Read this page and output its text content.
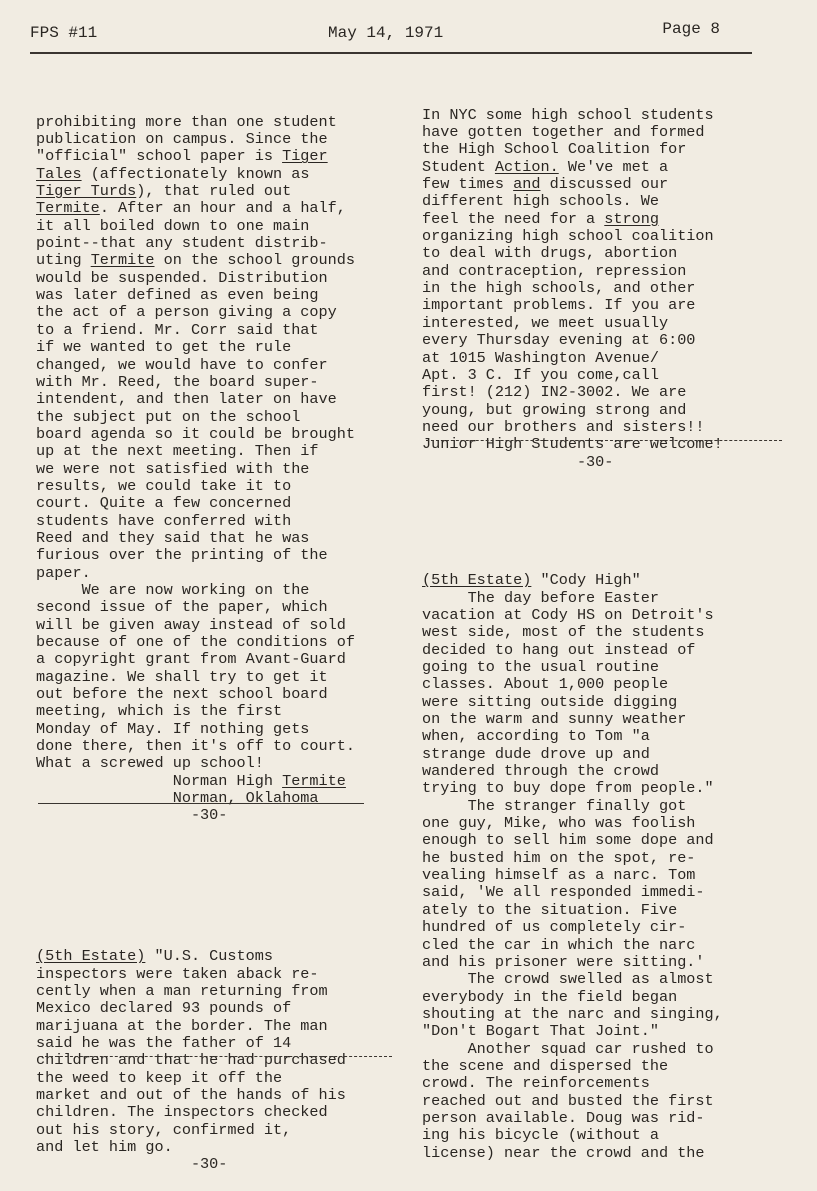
FPS #11	May 14, 1971	Page 8

prohibiting more than one student
publication on campus. Since the
"official" school paper is Tiger
Tales (affectionately known as
Tiger Turds), that ruled out
Termite. After an hour and a half,
it all boiled down to one main
point--that any student distrib-
uting Termite on the school grounds
would be suspended. Distribution
was later defined as even being
the act of a person giving a copy
to a friend. Mr. Corr said that
if we wanted to get the rule
changed, we would have to confer
with Mr. Reed, the board super-
intendent, and then later on have
the subject put on the school
board agenda so it could be brought
up at the next meeting. Then if
we were not satisfied with the
results, we could take it to
court. Quite a few concerned
students have conferred with
Reed and they said that he was
furious over the printing of the
paper.
We are now working on the
second issue of the paper, which
will be given away instead of sold
because of one of the conditions of
a copyright grant from Avant-Guard
magazine. We shall try to get it
out before the next school board
meeting, which is the first
Monday of May. If nothing gets
done there, then it's off to court.
What a screwed up school!
Norman High Termite
Norman, Oklahoma
-30-

(5th Estate) "U.S. Customs
inspectors were taken aback re-
cently when a man returning from
Mexico declared 93 pounds of
marijuana at the border. The man
said he was the father of 14
children and that he had purchased
the weed to keep it off the
market and out of the hands of his
children. The inspectors checked
out his story, confirmed it,
and let him go.
-30-

In NYC some high school students
have gotten together and formed
the High School Coalition for
Student Action. We've met a
few times and discussed our
different high schools. We
feel the need for a strong
organizing high school coalition
to deal with drugs, abortion
and contraception, repression
in the high schools, and other
important problems. If you are
interested, we meet usually
every Thursday evening at 6:00
at 1015 Washington Avenue/
Apt. 3 C. If you come,call
first! (212) IN2-3002. We are
young, but growing strong and
need our brothers and sisters!!
Junior High Students are welcome!
-30-

(5th Estate) "Cody High"
The day before Easter
vacation at Cody HS on Detroit's
west side, most of the students
decided to hang out instead of
going to the usual routine
classes. About 1,000 people
were sitting outside digging
on the warm and sunny weather
when, according to Tom "a
strange dude drove up and
wandered through the crowd
trying to buy dope from people."
The stranger finally got
one guy, Mike, who was foolish
enough to sell him some dope and
he busted him on the spot, re-
vealing himself as a narc. Tom
said, 'We all responded immedi-
ately to the situation. Five
hundred of us completely cir-
cled the car in which the narc
and his prisoner were sitting.'
The crowd swelled as almost
everybody in the field began
shouting at the narc and singing,
"Don't Bogart That Joint."
Another squad car rushed to
the scene and dispersed the
crowd. The reinforcements
reached out and busted the first
person available. Doug was rid-
ing his bicycle (without a
license) near the crowd and the
